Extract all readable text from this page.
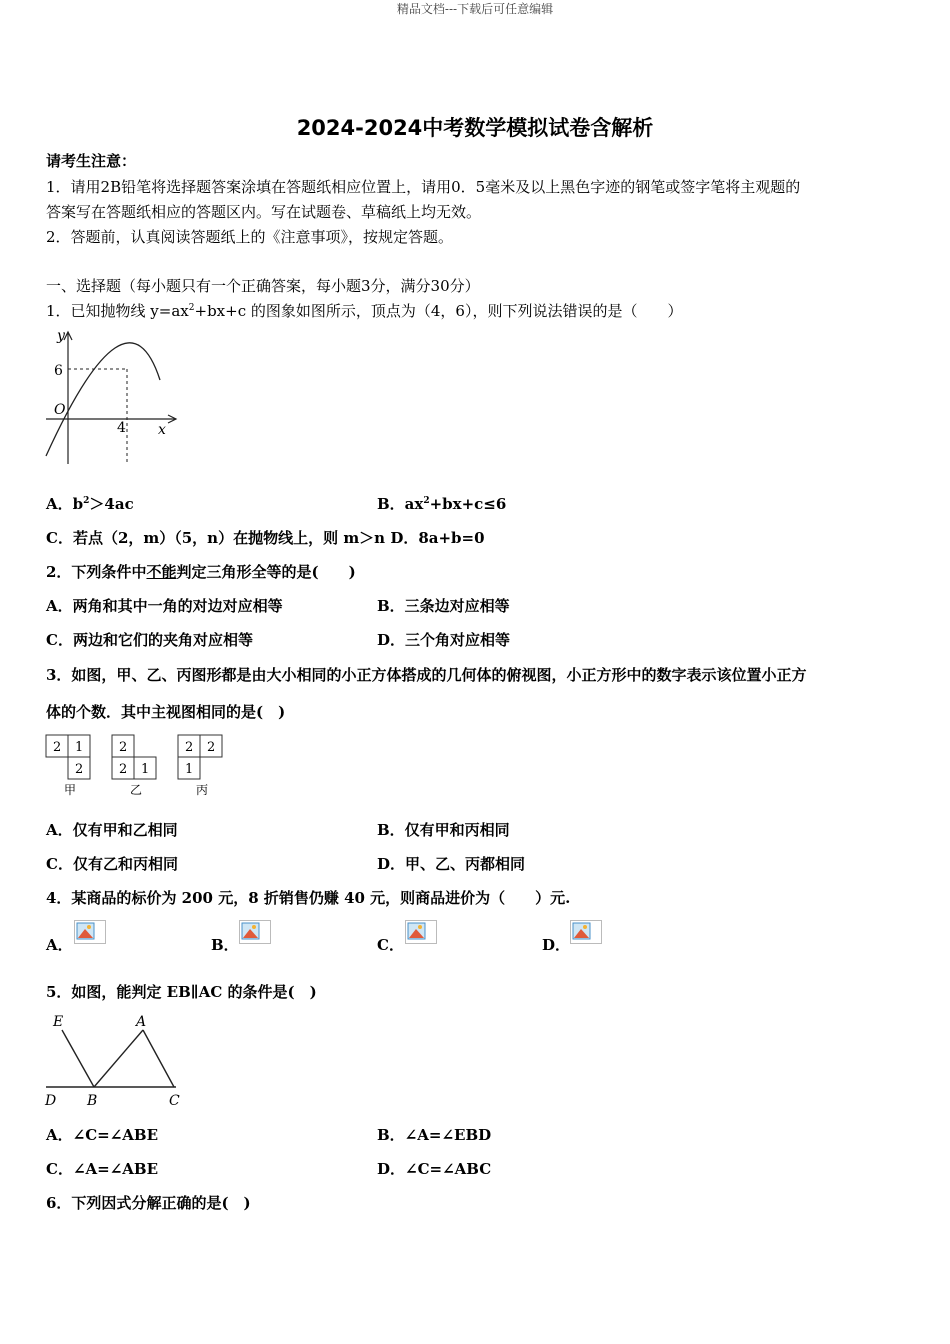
精品文档---下载后可任意编辑
2024-2024中考数学模拟试卷含解析
请考生注意：
1．请用2B铅笔将选择题答案涂填在答题纸相应位置上，请用0．5毫米及以上黑色字迹的钢笔或签字笔将主观题的
答案写在答题纸相应的答题区内。写在试题卷、草稿纸上均无效。
2．答题前，认真阅读答题纸上的《注意事项》，按规定答题。
一、选择题（每小题只有一个正确答案，每小题3分，满分30分）
1．已知抛物线 $y=ax^2+bx+c$ 的图象如图所示，顶点为（4，6），则下列说法错误的是（　　）
y
x
O
6
4
A．$b^2>4ac$	B．$ax^2+bx+c\le 6$
C．若点（2，m）（5，n）在抛物线上，则 m＞n D．8a+b=0
2．下列条件中不能判定三角形全等的是(　　)
A．两角和其中一角的对边对应相等	B．三条边对应相等
C．两边和它们的夹角对应相等	D．三个角对应相等
3．如图，甲、乙、丙图形都是由大小相同的小正方体搭成的几何体的俯视图，小正方形中的数字表示该位置小正方
体的个数．其中主视图相同的是(　)
2 1
2
甲
2
2 1
乙
2 2
1
丙
A．仅有甲和乙相同	B．仅有甲和丙相同
C．仅有乙和丙相同	D．甲、乙、丙都相同
4．某商品的标价为 200 元，8 折销售仍赚 40 元，则商品进价为（　　）元.
A．	B．	C．	D．
5．如图，能判定 EB∥AC 的条件是(　)
E	A
D B	C
A．∠C=∠ABE	B．∠A=∠EBD
C．∠A=∠ABE	D．∠C=∠ABC
6．下列因式分解正确的是(　)
